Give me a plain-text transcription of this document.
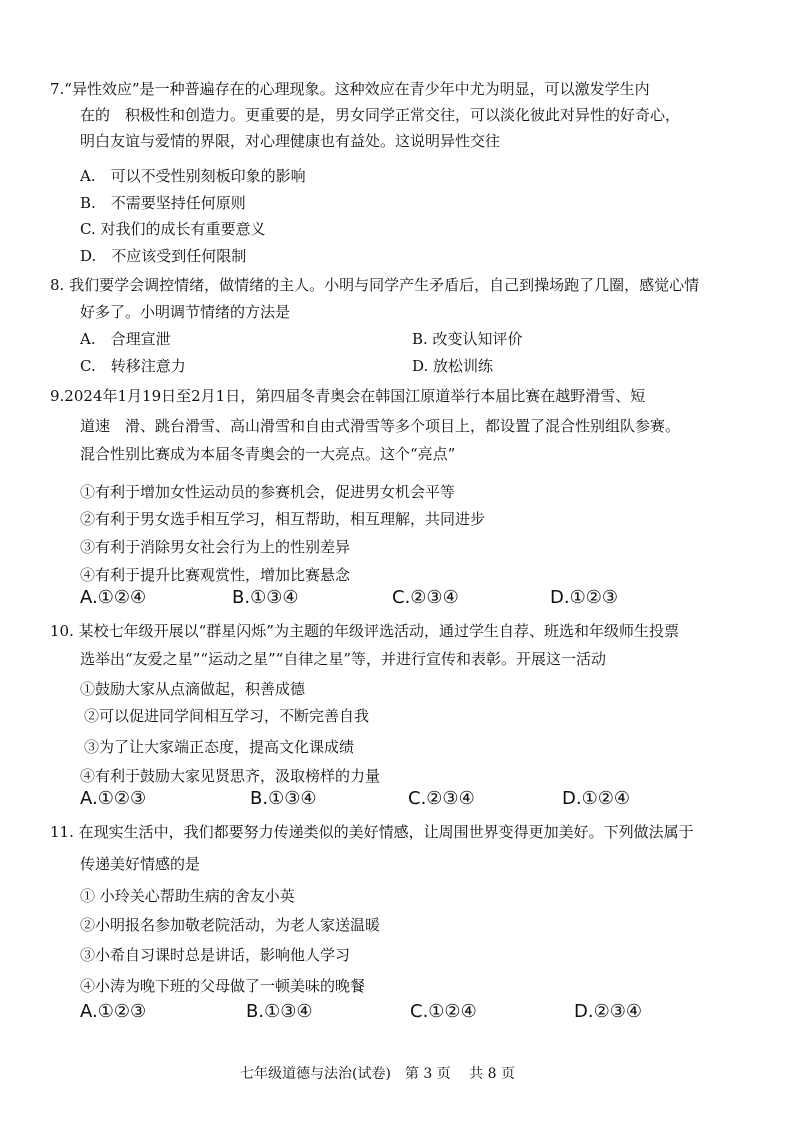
7.“异性效应”是一种普遍存在的心理现象。这种效应在青少年中尤为明显，可以激发学生内
在的　积极性和创造力。更重要的是，男女同学正常交往，可以淡化彼此对异性的好奇心，
明白友谊与爱情的界限，对心理健康也有益处。这说明异性交往
A.　可以不受性别刻板印象的影响
B.　不需要坚持任何原则
C. 对我们的成长有重要意义
D.　不应该受到任何限制
8. 我们要学会调控情绪，做情绪的主人。小明与同学产生矛盾后，自己到操场跑了几圈，感觉心情
好多了。小明调节情绪的方法是
A.　合理宣泄	B. 改变认知评价
C.　转移注意力	D. 放松训练
9.2024年1月19日至2月1日，第四届冬青奥会在韩国江原道举行本届比赛在越野滑雪、短
道速　滑、跳台滑雪、高山滑雪和自由式滑雪等多个项目上，都设置了混合性别组队参赛。
混合性别比赛成为本届冬青奥会的一大亮点。这个“亮点”
①有利于增加女性运动员的参赛机会，促进男女机会平等
②有利于男女选手相互学习，相互帮助，相互理解，共同进步
③有利于消除男女社会行为上的性别差异
④有利于提升比赛观赏性，增加比赛悬念
A.①②④	B.①③④	C.②③④	D.①②③
10. 某校七年级开展以“群星闪烁”为主题的年级评选活动，通过学生自荐、班选和年级师生投票
选举出“友爱之星”“运动之星”“自律之星”等，并进行宣传和表彰。开展这一活动
①鼓励大家从点滴做起，积善成德
②可以促进同学间相互学习，不断完善自我
③为了让大家端正态度，提高文化课成绩
④有利于鼓励大家见贤思齐，汲取榜样的力量
A.①②③	B.①③④	C.②③④	D.①②④
11. 在现实生活中，我们都要努力传递类似的美好情感，让周围世界变得更加美好。下列做法属于
传递美好情感的是
① 小玲关心帮助生病的舍友小英
②小明报名参加敬老院活动，为老人家送温暖
③小希自习课时总是讲话，影响他人学习
④小涛为晚下班的父母做了一顿美味的晚餐
A.①②③	B.①③④	C.①②④	D.②③④
七年级道德与法治(试卷)　第 3 页　 共 8 页
